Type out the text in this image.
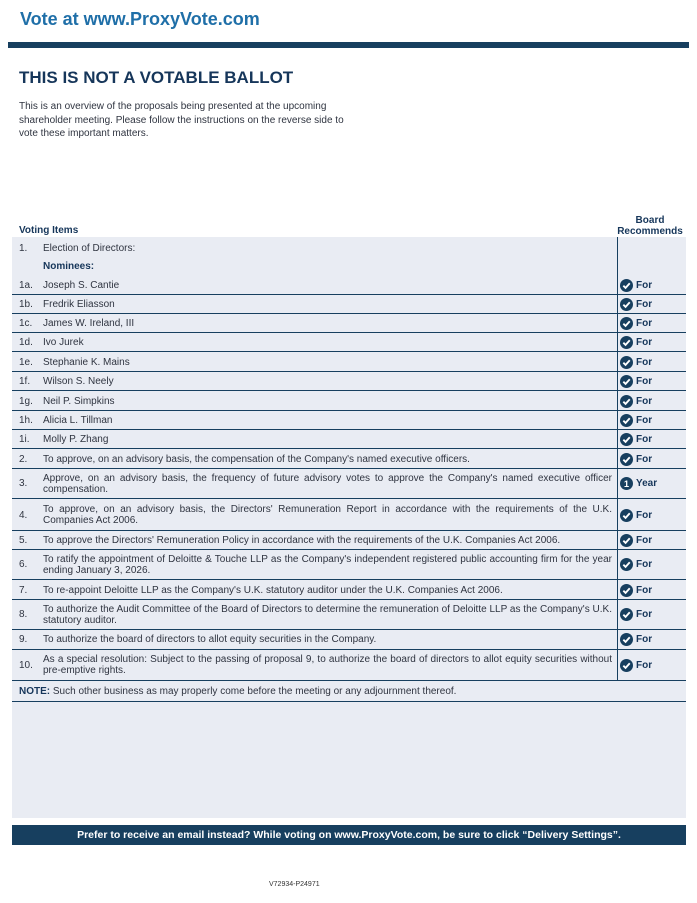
Vote at www.ProxyVote.com
THIS IS NOT A VOTABLE BALLOT
This is an overview of the proposals being presented at the upcoming shareholder meeting. Please follow the instructions on the reverse side to vote these important matters.
Voting Items
Board Recommends
1. Election of Directors:
Nominees:
1a. Joseph S. Cantie	For
1b. Fredrik Eliasson	For
1c. James W. Ireland, III	For
1d. Ivo Jurek	For
1e. Stephanie K. Mains	For
1f. Wilson S. Neely	For
1g. Neil P. Simpkins	For
1h. Alicia L. Tillman	For
1i. Molly P. Zhang	For
2. To approve, on an advisory basis, the compensation of the Company's named executive officers.	For
3. Approve, on an advisory basis, the frequency of future advisory votes to approve the Company's named executive officer compensation.	1 Year
4. To approve, on an advisory basis, the Directors' Remuneration Report in accordance with the requirements of the U.K. Companies Act 2006.	For
5. To approve the Directors' Remuneration Policy in accordance with the requirements of the U.K. Companies Act 2006.	For
6. To ratify the appointment of Deloitte & Touche LLP as the Company's independent registered public accounting firm for the year ending January 3, 2026.	For
7. To re-appoint Deloitte LLP as the Company's U.K. statutory auditor under the U.K. Companies Act 2006.	For
8. To authorize the Audit Committee of the Board of Directors to determine the remuneration of Deloitte LLP as the Company's U.K. statutory auditor.	For
9. To authorize the board of directors to allot equity securities in the Company.	For
10. As a special resolution: Subject to the passing of proposal 9, to authorize the board of directors to allot equity securities without pre-emptive rights.	For
NOTE: Such other business as may properly come before the meeting or any adjournment thereof.
Prefer to receive an email instead? While voting on www.ProxyVote.com, be sure to click “Delivery Settings”.
V72934-P24971
